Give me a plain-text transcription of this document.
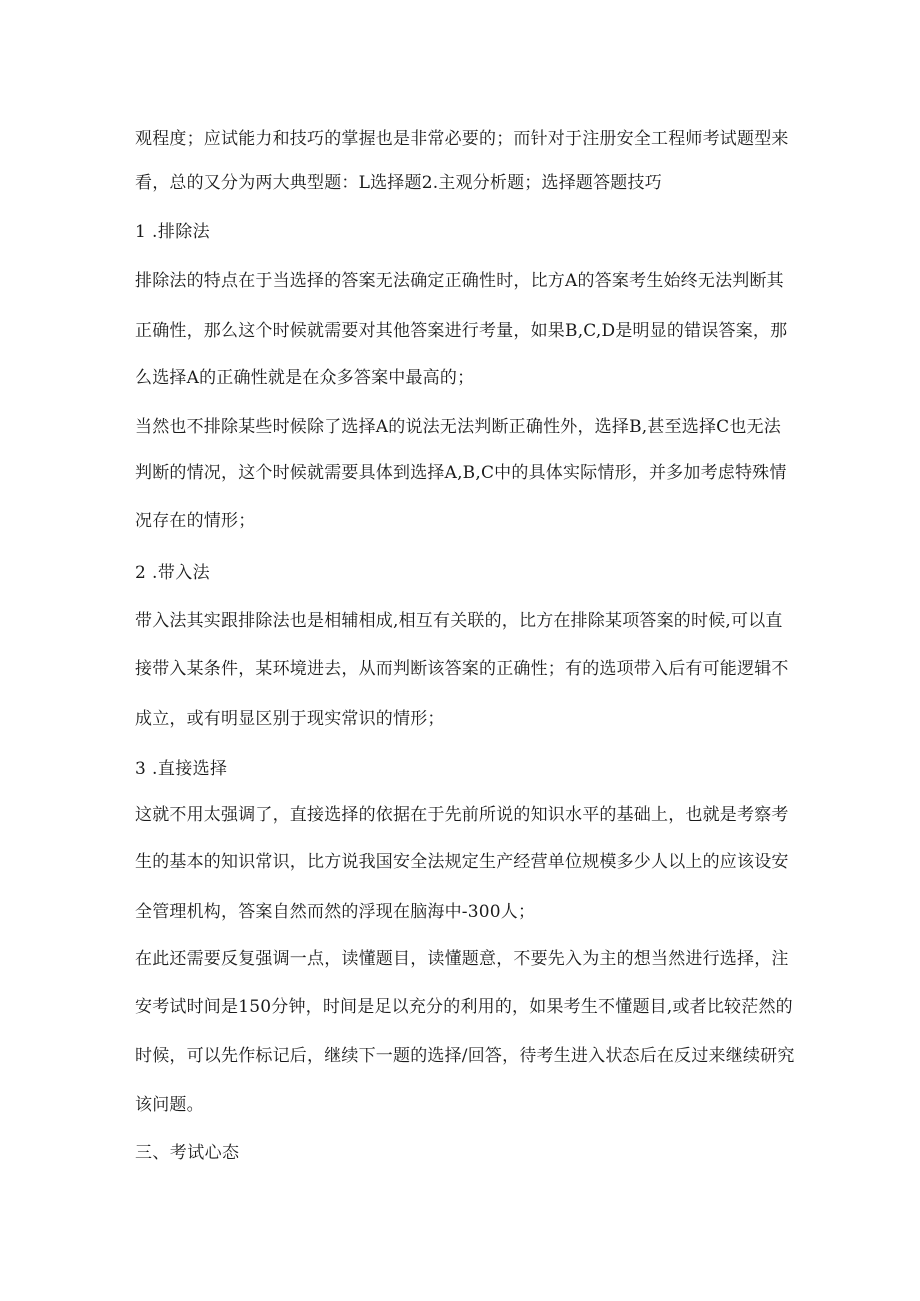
观程度；应试能力和技巧的掌握也是非常必要的；而针对于注册安全工程师考试题型来
看，总的又分为两大典型题：L选择题2.主观分析题；选择题答题技巧
1 .排除法
排除法的特点在于当选择的答案无法确定正确性时，比方A的答案考生始终无法判断其
正确性，那么这个时候就需要对其他答案进行考量，如果B,C,D是明显的错误答案，那
么选择A的正确性就是在众多答案中最高的；
当然也不排除某些时候除了选择A的说法无法判断正确性外，选择B,甚至选择C也无法
判断的情况，这个时候就需要具体到选择A,B,C中的具体实际情形，并多加考虑特殊情
况存在的情形；
2 .带入法
带入法其实跟排除法也是相辅相成,相互有关联的，比方在排除某项答案的时候,可以直
接带入某条件，某环境进去，从而判断该答案的正确性；有的选项带入后有可能逻辑不
成立，或有明显区别于现实常识的情形；
3 .直接选择
这就不用太强调了，直接选择的依据在于先前所说的知识水平的基础上，也就是考察考
生的基本的知识常识，比方说我国安全法规定生产经营单位规模多少人以上的应该设安
全管理机构，答案自然而然的浮现在脑海中-300人；
在此还需要反复强调一点，读懂题目，读懂题意，不要先入为主的想当然进行选择，注
安考试时间是150分钟，时间是足以充分的利用的，如果考生不懂题目,或者比较茫然的
时候，可以先作标记后，继续下一题的选择/回答，待考生进入状态后在反过来继续研究
该问题。
三、考试心态
